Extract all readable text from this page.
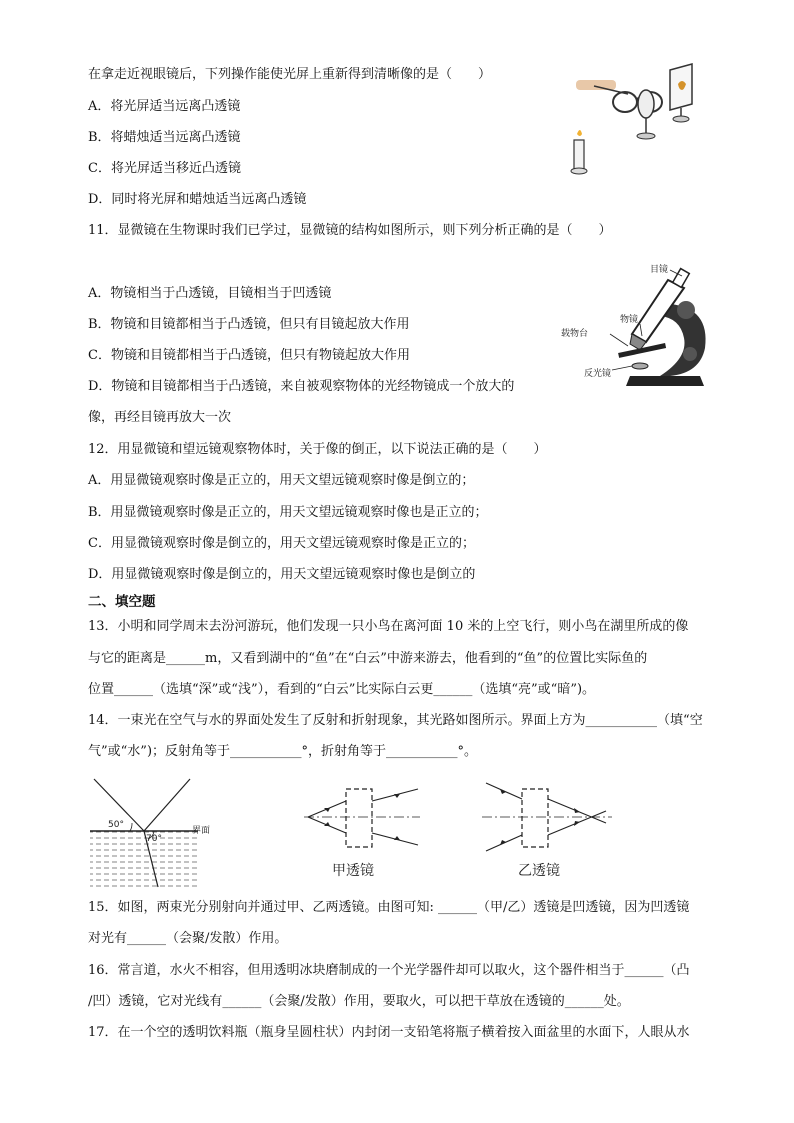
在拿走近视眼镜后，下列操作能使光屏上重新得到清晰像的是（　　）
A．将光屏适当远离凸透镜
B．将蜡烛适当远离凸透镜
C．将光屏适当移近凸透镜
D．同时将光屏和蜡烛适当远离凸透镜
11．显微镜在生物课时我们已学过，显微镜的结构如图所示，则下列分析正确的是（　　）
A．物镜相当于凸透镜，目镜相当于凹透镜
B．物镜和目镜都相当于凸透镜，但只有目镜起放大作用
C．物镜和目镜都相当于凸透镜，但只有物镜起放大作用
D．物镜和目镜都相当于凸透镜，来自被观察物体的光经物镜成一个放大的
像，再经目镜再放大一次
目镜
物镜
载物台
反光镜
12．用显微镜和望远镜观察物体时，关于像的倒正，以下说法正确的是（　　）
A．用显微镜观察时像是正立的，用天文望远镜观察时像是倒立的；
B．用显微镜观察时像是正立的，用天文望远镜观察时像也是正立的；
C．用显微镜观察时像是倒立的，用天文望远镜观察时像是正立的；
D．用显微镜观察时像是倒立的，用天文望远镜观察时像也是倒立的
二、填空题
13．小明和同学周末去汾河游玩，他们发现一只小鸟在离河面 10 米的上空飞行，则小鸟在湖里所成的像
与它的距离是______m，又看到湖中的“鱼”在“白云”中游来游去，他看到的“鱼”的位置比实际鱼的
位置______（选填“深”或“浅”），看到的“白云”比实际白云更______（选填“亮”或“暗”)。
14．一束光在空气与水的界面处发生了反射和折射现象，其光路如图所示。界面上方为___________（填“空
气”或“水”)；反射角等于___________°，折射角等于___________°。
50°
70°
界面
甲透镜	乙透镜
15．如图，两束光分别射向并通过甲、乙两透镜。由图可知: ______（甲/乙）透镜是凹透镜，因为凹透镜
对光有______（会聚/发散）作用。
16．常言道，水火不相容，但用透明冰块磨制成的一个光学器件却可以取火，这个器件相当于______（凸
/凹）透镜，它对光线有______（会聚/发散）作用，要取火，可以把干草放在透镜的______处。
17．在一个空的透明饮料瓶（瓶身呈圆柱状）内封闭一支铅笔将瓶子横着按入面盆里的水面下，人眼从水
